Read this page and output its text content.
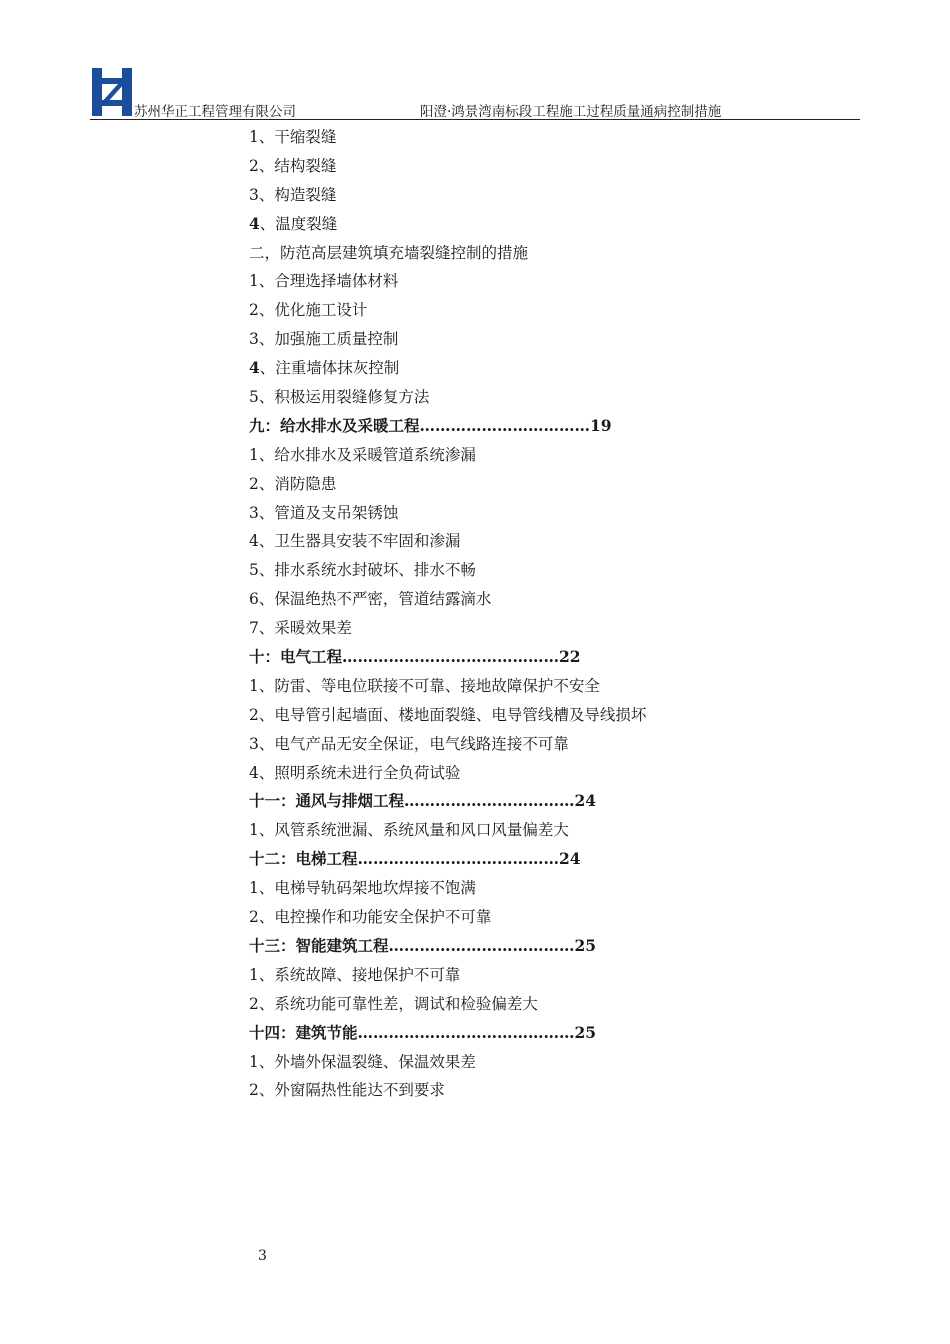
苏州华正工程管理有限公司	阳澄·鸿景湾南标段工程施工过程质量通病控制措施
1、干缩裂缝
2、结构裂缝
3、构造裂缝
4、温度裂缝
二，防范高层建筑填充墙裂缝控制的措施
1、合理选择墙体材料
2、优化施工设计
3、加强施工质量控制
4、注重墙体抹灰控制
5、积极运用裂缝修复方法
九：给水排水及采暖工程……………………………19
1、给水排水及采暖管道系统渗漏
2、消防隐患
3、管道及支吊架锈蚀
4、卫生器具安装不牢固和渗漏
5、排水系统水封破坏、排水不畅
6、保温绝热不严密，管道结露滴水
7、采暖效果差
十：电气工程……………………………………22
1、防雷、等电位联接不可靠、接地故障保护不安全
2、电导管引起墙面、楼地面裂缝、电导管线槽及导线损坏
3、电气产品无安全保证，电气线路连接不可靠
4、照明系统未进行全负荷试验
十一：通风与排烟工程……………………………24
1、风管系统泄漏、系统风量和风口风量偏差大
十二：电梯工程…………………………………24
1、电梯导轨码架地坎焊接不饱满
2、电控操作和功能安全保护不可靠
十三：智能建筑工程………………………………25
1、系统故障、接地保护不可靠
2、系统功能可靠性差，调试和检验偏差大
十四：建筑节能……………………………………25
1、外墙外保温裂缝、保温效果差
2、外窗隔热性能达不到要求
3
